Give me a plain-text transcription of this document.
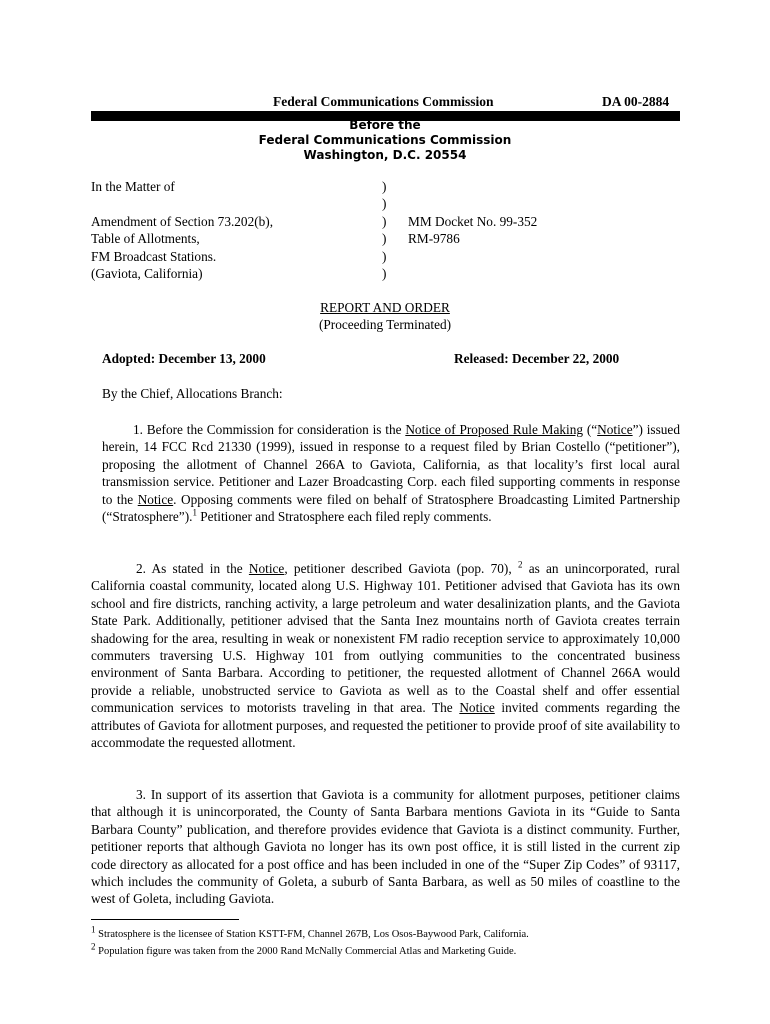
Federal Communications Commission	DA 00-2884
Before the
Federal Communications Commission
Washington, D.C. 20554
In the Matter of
Amendment of Section 73.202(b),
Table of Allotments,
FM Broadcast Stations.
(Gaviota, California)
)
)
)
)
)
)
MM Docket No. 99-352
RM-9786
REPORT AND ORDER
(Proceeding Terminated)
Adopted: December 13, 2000	Released: December 22, 2000
By the Chief, Allocations Branch:
1. Before the Commission for consideration is the Notice of Proposed Rule Making (“Notice”) issued herein, 14 FCC Rcd 21330 (1999), issued in response to a request filed by Brian Costello (“petitioner”), proposing the allotment of Channel 266A to Gaviota, California, as that locality’s first local aural transmission service. Petitioner and Lazer Broadcasting Corp. each filed supporting comments in response to the Notice. Opposing comments were filed on behalf of Stratosphere Broadcasting Limited Partnership (“Stratosphere”).$^1$ Petitioner and Stratosphere each filed reply comments.
2. As stated in the Notice, petitioner described Gaviota (pop. 70), $^2$ as an unincorporated, rural California coastal community, located along U.S. Highway 101. Petitioner advised that Gaviota has its own school and fire districts, ranching activity, a large petroleum and water desalinization plants, and the Gaviota State Park. Additionally, petitioner advised that the Santa Inez mountains north of Gaviota creates terrain shadowing for the area, resulting in weak or nonexistent FM radio reception service to approximately 10,000 commuters traversing U.S. Highway 101 from outlying communities to the concentrated business environment of Santa Barbara. According to petitioner, the requested allotment of Channel 266A would provide a reliable, unobstructed service to Gaviota as well as to the Coastal shelf and offer essential communication services to motorists traveling in that area. The Notice invited comments regarding the attributes of Gaviota for allotment purposes, and requested the petitioner to provide proof of site availability to accommodate the requested allotment.
3. In support of its assertion that Gaviota is a community for allotment purposes, petitioner claims that although it is unincorporated, the County of Santa Barbara mentions Gaviota in its “Guide to Santa Barbara County” publication, and therefore provides evidence that Gaviota is a distinct community. Further, petitioner reports that although Gaviota no longer has its own post office, it is still listed in the current zip code directory as allocated for a post office and has been included in one of the “Super Zip Codes” of 93117, which includes the community of Goleta, a suburb of Santa Barbara, as well as 50 miles of coastline to the west of Goleta, including Gaviota.
1 Stratosphere is the licensee of Station KSTT-FM, Channel 267B, Los Osos-Baywood Park, California.
2 Population figure was taken from the 2000 Rand McNally Commercial Atlas and Marketing Guide.
